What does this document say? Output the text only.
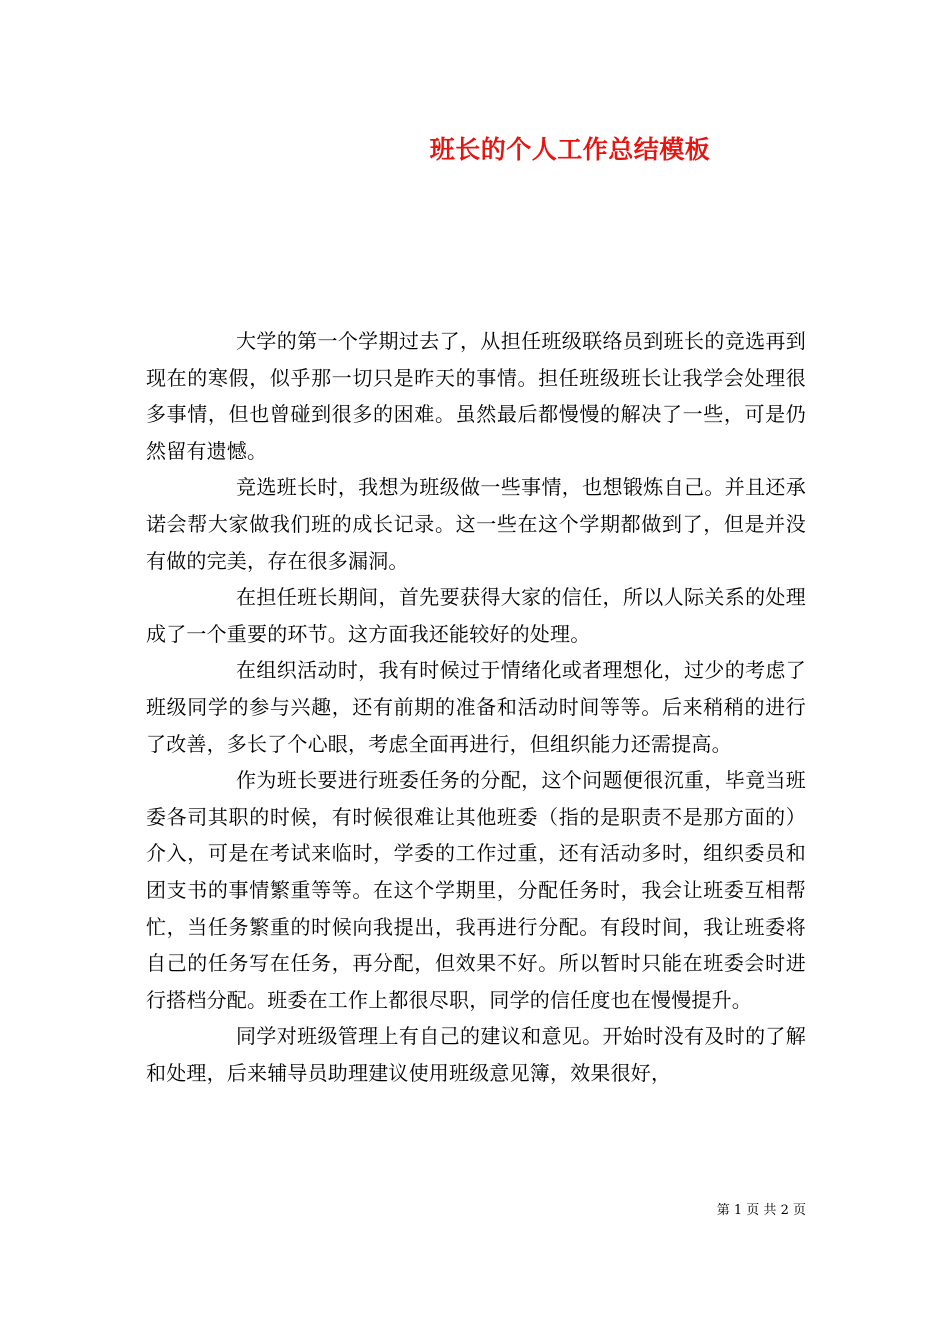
班长的个人工作总结模板

大学的第一个学期过去了，从担任班级联络员到班长的竞选再到现在的寒假，似乎那一切只是昨天的事情。担任班级班长让我学会处理很多事情，但也曾碰到很多的困难。虽然最后都慢慢的解决了一些，可是仍然留有遗憾。

竞选班长时，我想为班级做一些事情，也想锻炼自己。并且还承诺会帮大家做我们班的成长记录。这一些在这个学期都做到了，但是并没有做的完美，存在很多漏洞。

在担任班长期间，首先要获得大家的信任，所以人际关系的处理成了一个重要的环节。这方面我还能较好的处理。

在组织活动时，我有时候过于情绪化或者理想化，过少的考虑了班级同学的参与兴趣，还有前期的准备和活动时间等等。后来稍稍的进行了改善，多长了个心眼，考虑全面再进行，但组织能力还需提高。

作为班长要进行班委任务的分配，这个问题便很沉重，毕竟当班委各司其职的时候，有时候很难让其他班委（指的是职责不是那方面的）介入，可是在考试来临时，学委的工作过重，还有活动多时，组织委员和团支书的事情繁重等等。在这个学期里，分配任务时，我会让班委互相帮忙，当任务繁重的时候向我提出，我再进行分配。有段时间，我让班委将自己的任务写在任务，再分配，但效果不好。所以暂时只能在班委会时进行搭档分配。班委在工作上都很尽职，同学的信任度也在慢慢提升。

同学对班级管理上有自己的建议和意见。开始时没有及时的了解和处理，后来辅导员助理建议使用班级意见簿，效果很好，

第 1 页 共 2 页
